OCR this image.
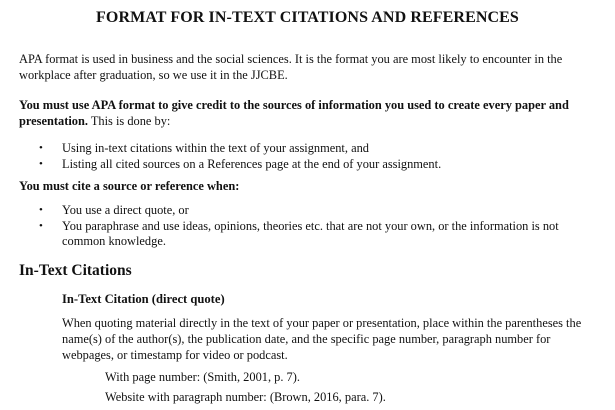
FORMAT FOR IN-TEXT CITATIONS AND REFERENCES

APA format is used in business and the social sciences. It is the format you are most likely to encounter in the workplace after graduation, so we use it in the JJCBE.

You must use APA format to give credit to the sources of information you used to create every paper and presentation. This is done by:

• Using in-text citations within the text of your assignment, and
• Listing all cited sources on a References page at the end of your assignment.

You must cite a source or reference when:

• You use a direct quote, or
• You paraphrase and use ideas, opinions, theories etc. that are not your own, or the information is not common knowledge.
In-Text Citations
In-Text Citation (direct quote)

When quoting material directly in the text of your paper or presentation, place within the parentheses the name(s) of the author(s), the publication date, and the specific page number, paragraph number for webpages, or timestamp for video or podcast.

With page number: (Smith, 2001, p. 7).

Website with paragraph number: (Brown, 2016, para. 7).
